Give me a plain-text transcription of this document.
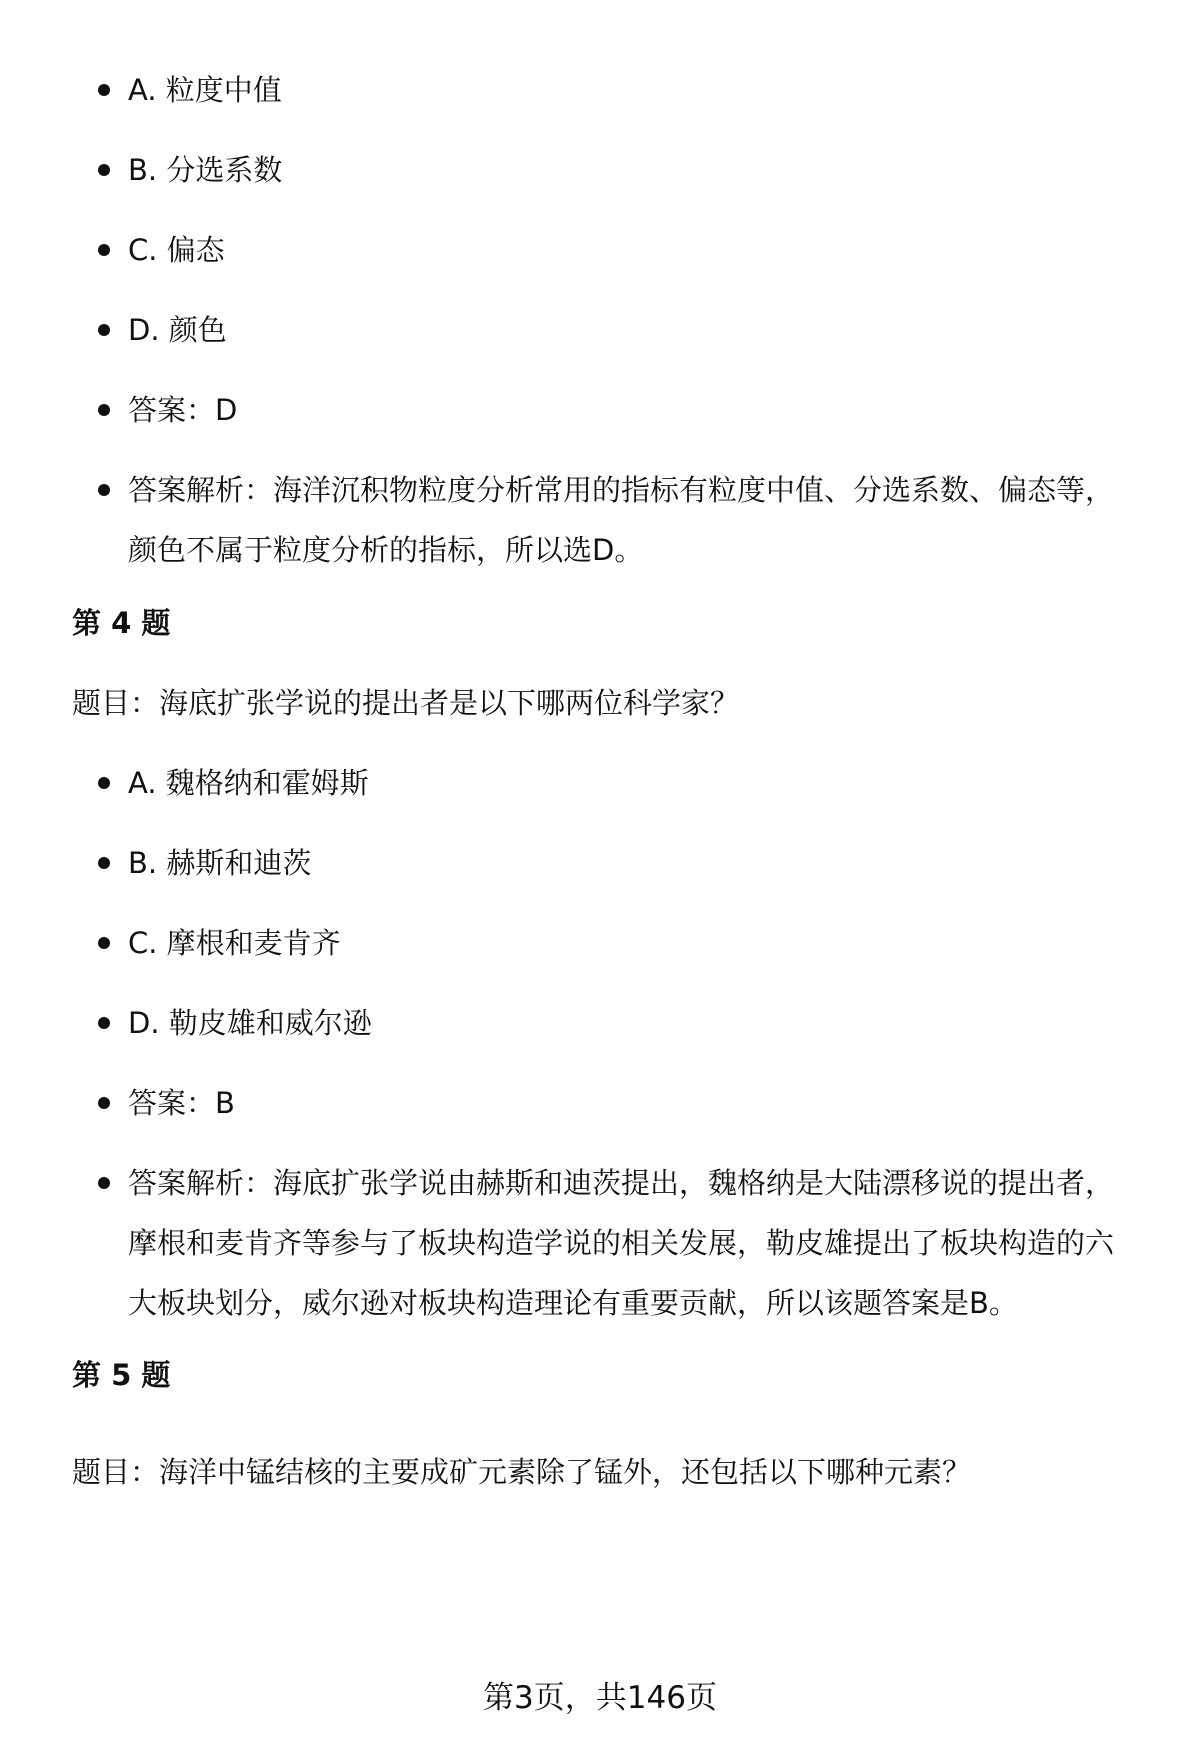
A. 粒度中值
B. 分选系数
C. 偏态
D. 颜色
答案：D
答案解析：海洋沉积物粒度分析常用的指标有粒度中值、分选系数、偏态等，
颜色不属于粒度分析的指标，所以选D。
第 4 题

题目：海底扩张学说的提出者是以下哪两位科学家？

A. 魏格纳和霍姆斯
B. 赫斯和迪茨
C. 摩根和麦肯齐
D. 勒皮雄和威尔逊
答案：B
答案解析：海底扩张学说由赫斯和迪茨提出，魏格纳是大陆漂移说的提出者，
摩根和麦肯齐等参与了板块构造学说的相关发展，勒皮雄提出了板块构造的六
大板块划分，威尔逊对板块构造理论有重要贡献，所以该题答案是B。
第 5 题

题目：海洋中锰结核的主要成矿元素除了锰外，还包括以下哪种元素？

第3页，共146页
